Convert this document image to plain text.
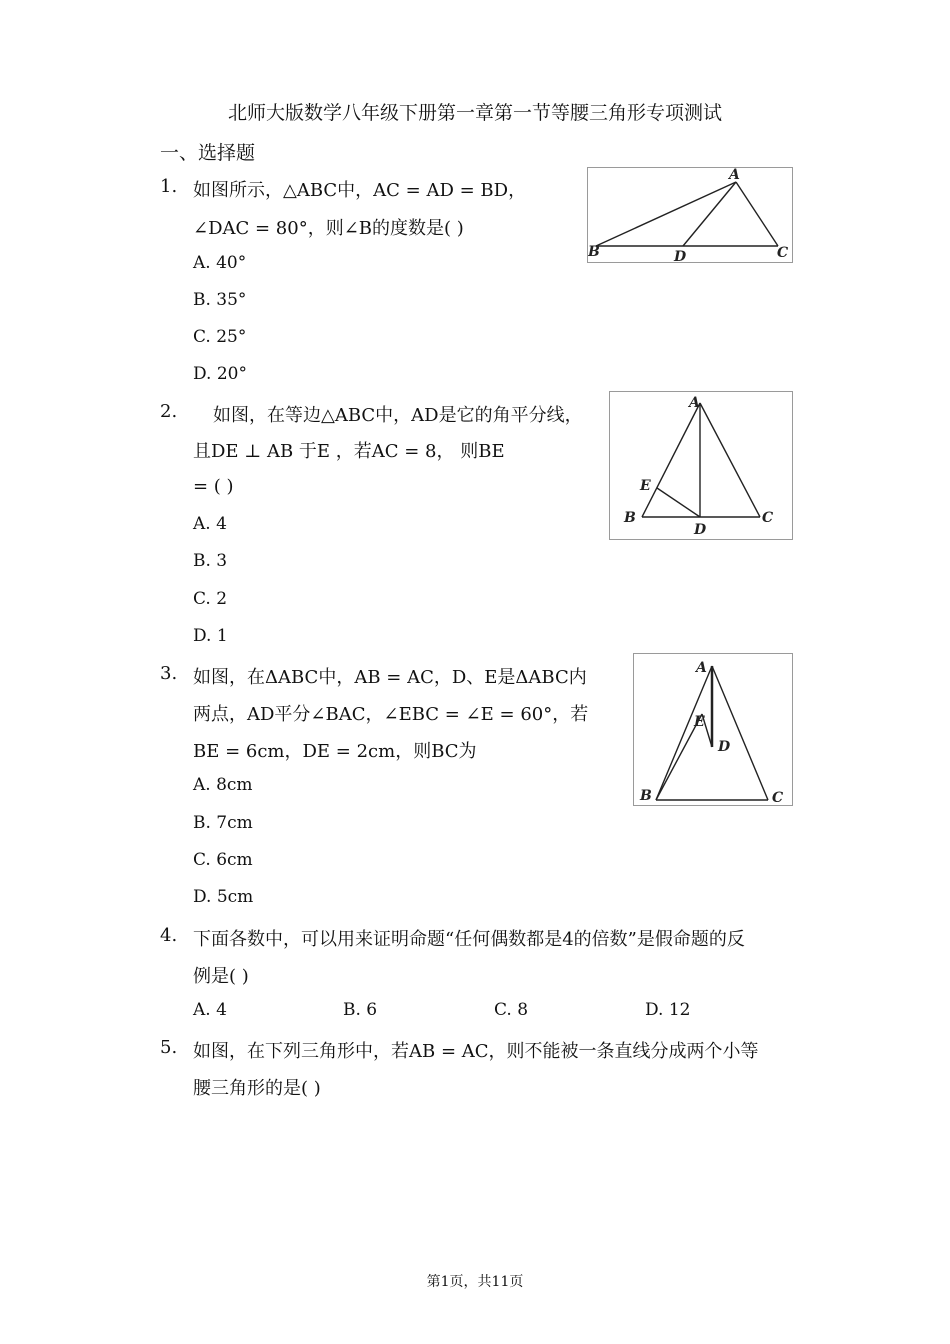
北师大版数学八年级下册第一章第一节等腰三角形专项测试
一、选择题
1. 如图所示，△ABC中，AC = AD = BD，
∠DAC = 80°，则∠B的度数是( )
A. 40°
B. 35°
C. 25°
D. 20°
A
B	C
D
2. 如图，在等边△ABC中，AD是它的角平分线，
且DE ⊥ AB 于E ，若AC = 8， 则BE
= ( )
A. 4
B. 3
C. 2
D. 1
A
B	C
D
E
3. 如图，在ΔABC中，AB = AC，D、E是ΔABC内
两点，AD平分∠BAC，∠EBC = ∠E = 60°，若
BE = 6cm，DE = 2cm，则BC为
A. 8cm
B. 7cm
C. 6cm
D. 5cm
A
B	C
D
E
4. 下面各数中，可以用来证明命题“任何偶数都是4的倍数”是假命题的反
例是( )
A. 4	B. 6	C. 8	D. 12
5. 如图，在下列三角形中，若AB = AC，则不能被一条直线分成两个小等
腰三角形的是( )
第1页，共11页
